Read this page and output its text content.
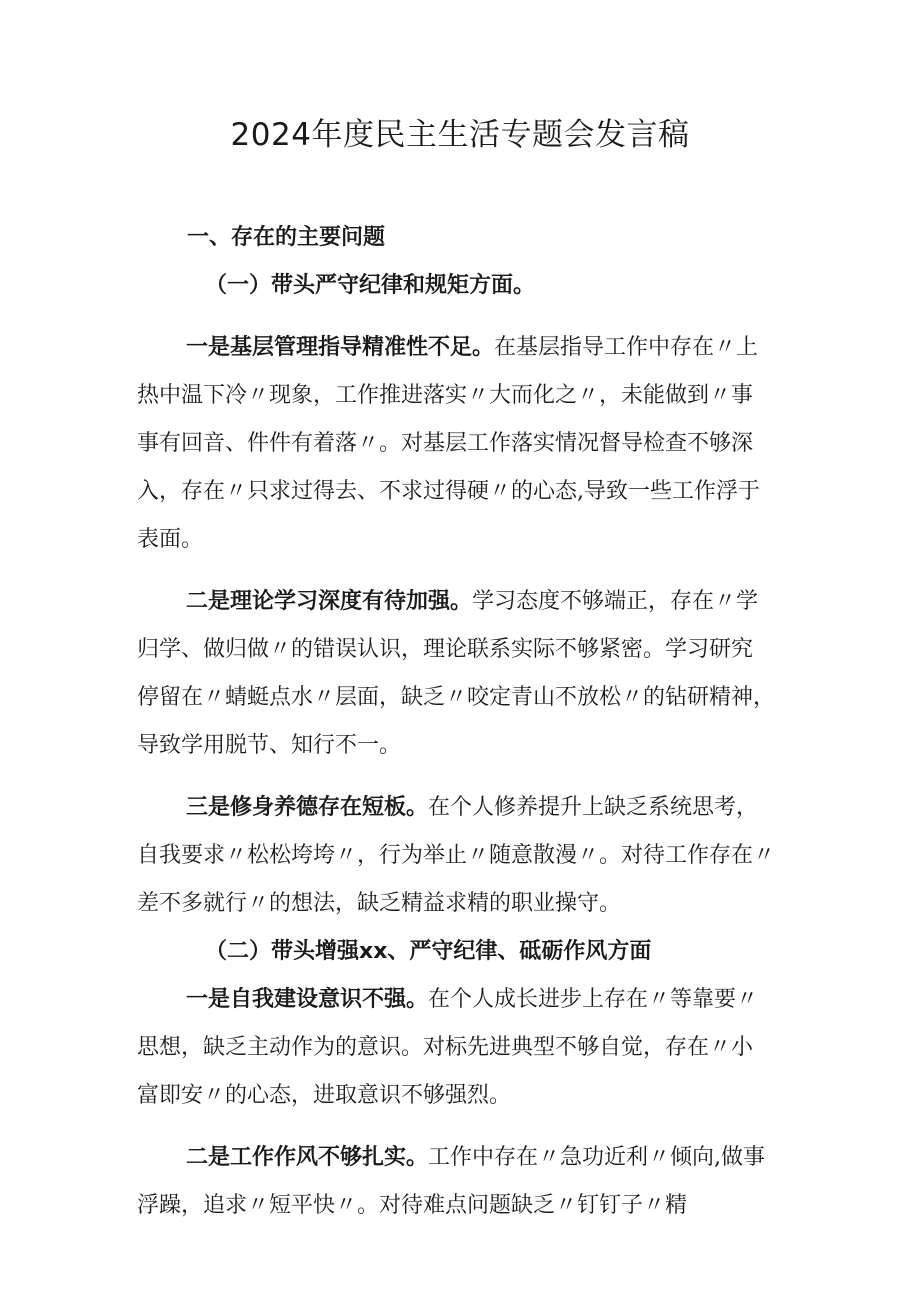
2024年度民主生活专题会发言稿
一、存在的主要问题
（一）带头严守纪律和规矩方面。
一是基层管理指导精准性不足。在基层指导工作中存在〃上
热中温下冷〃现象，工作推进落实〃大而化之〃，未能做到〃事
事有回音、件件有着落〃。对基层工作落实情况督导检查不够深
入，存在〃只求过得去、不求过得硬〃的心态,导致一些工作浮于
表面。
二是理论学习深度有待加强。学习态度不够端正，存在〃学
归学、做归做〃的错误认识，理论联系实际不够紧密。学习研究
停留在〃蜻蜓点水〃层面，缺乏〃咬定青山不放松〃的钻研精神，
导致学用脱节、知行不一。
三是修身养德存在短板。在个人修养提升上缺乏系统思考，
自我要求〃松松垮垮〃，行为举止〃随意散漫〃。对待工作存在〃
差不多就行〃的想法，缺乏精益求精的职业操守。
（二）带头增强xx、严守纪律、砥砺作风方面
一是自我建设意识不强。在个人成长进步上存在〃等靠要〃
思想，缺乏主动作为的意识。对标先进典型不够自觉，存在〃小
富即安〃的心态，进取意识不够强烈。
二是工作作风不够扎实。工作中存在〃急功近利〃倾向,做事
浮躁，追求〃短平快〃。对待难点问题缺乏〃钉钉子〃精
